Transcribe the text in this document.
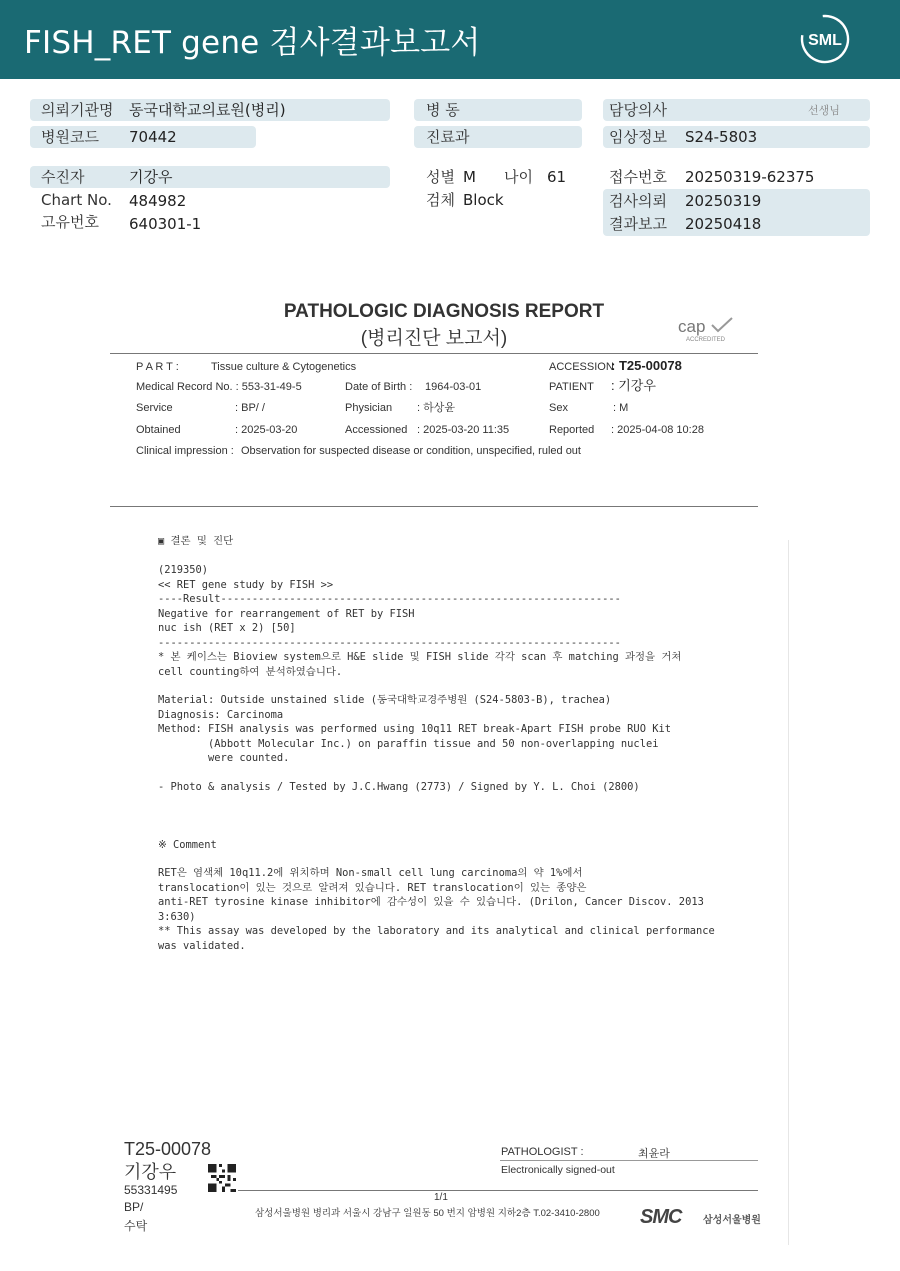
FISH_RET gene 검사결과보고서	SML
의뢰기관명 동국대학교의료원(병리)
병원코드 70442
병 동
진료과
담당의사	선생님
임상정보 S24-5803
수진자	기강우
Chart No. 484982
고유번호 640301-1
성별 M 나이 61
검체 Block
접수번호 20250319-62375
검사의뢰 20250319
결과보고 20250418
PATHOLOGIC DIAGNOSIS REPORT
(병리진단 보고서)
cap
ACCREDITED
P A R T :	Tissue culture & Cytogenetics	ACCESSION
: T25-00078
Medical Record No. : 553-31-49-5	Date of Birth : 1964-03-01	PATIENT : 기강우
Service	: BP/ /	Physician : 하상윤	Sex	: M
Obtained	: 2025-03-20	Accessioned : 2025-03-20 11:35	Reported : 2025-04-08 10:28
Clinical impression : Observation for suspected disease or condition, unspecified, ruled out
▣ 결론 및 진단
(219350)
<< RET gene study by FISH >>
----Result----------------------------------------------------------------
Negative for rearrangement of RET by FISH
nuc ish (RET x 2) [50]
--------------------------------------------------------------------------
* 본 케이스는 Bioview system으로 H&E slide 및 FISH slide 각각 scan 후 matching 과정을 거쳐
cell counting하여 분석하였습니다.
Material: Outside unstained slide (동국대학교경주병원 (S24-5803-B), trachea)
Diagnosis: Carcinoma
Method: FISH analysis was performed using 10q11 RET break-Apart FISH probe RUO Kit
(Abbott Molecular Inc.) on paraffin tissue and 50 non-overlapping nuclei
were counted.
- Photo & analysis / Tested by J.C.Hwang (2773) / Signed by Y. L. Choi (2800)
※ Comment
RET은 염색체 10q11.2에 위치하며 Non-small cell lung carcinoma의 약 1%에서
translocation이 있는 것으로 알려져 있습니다. RET translocation이 있는 종양은
anti-RET tyrosine kinase inhibitor에 감수성이 있을 수 있습니다. (Drilon, Cancer Discov. 2013
3:630)
** This assay was developed by the laboratory and its analytical and clinical performance
was validated.
T25-00078
기강우
55331495
BP/
수탁
PATHOLOGIST :	최윤라
Electronically signed-out
1/1
삼성서울병원 병리과 서울시 강남구 일원동 50 번지 암병원 지하2층 T.02-3410-2800 SMC 삼성서울병원
